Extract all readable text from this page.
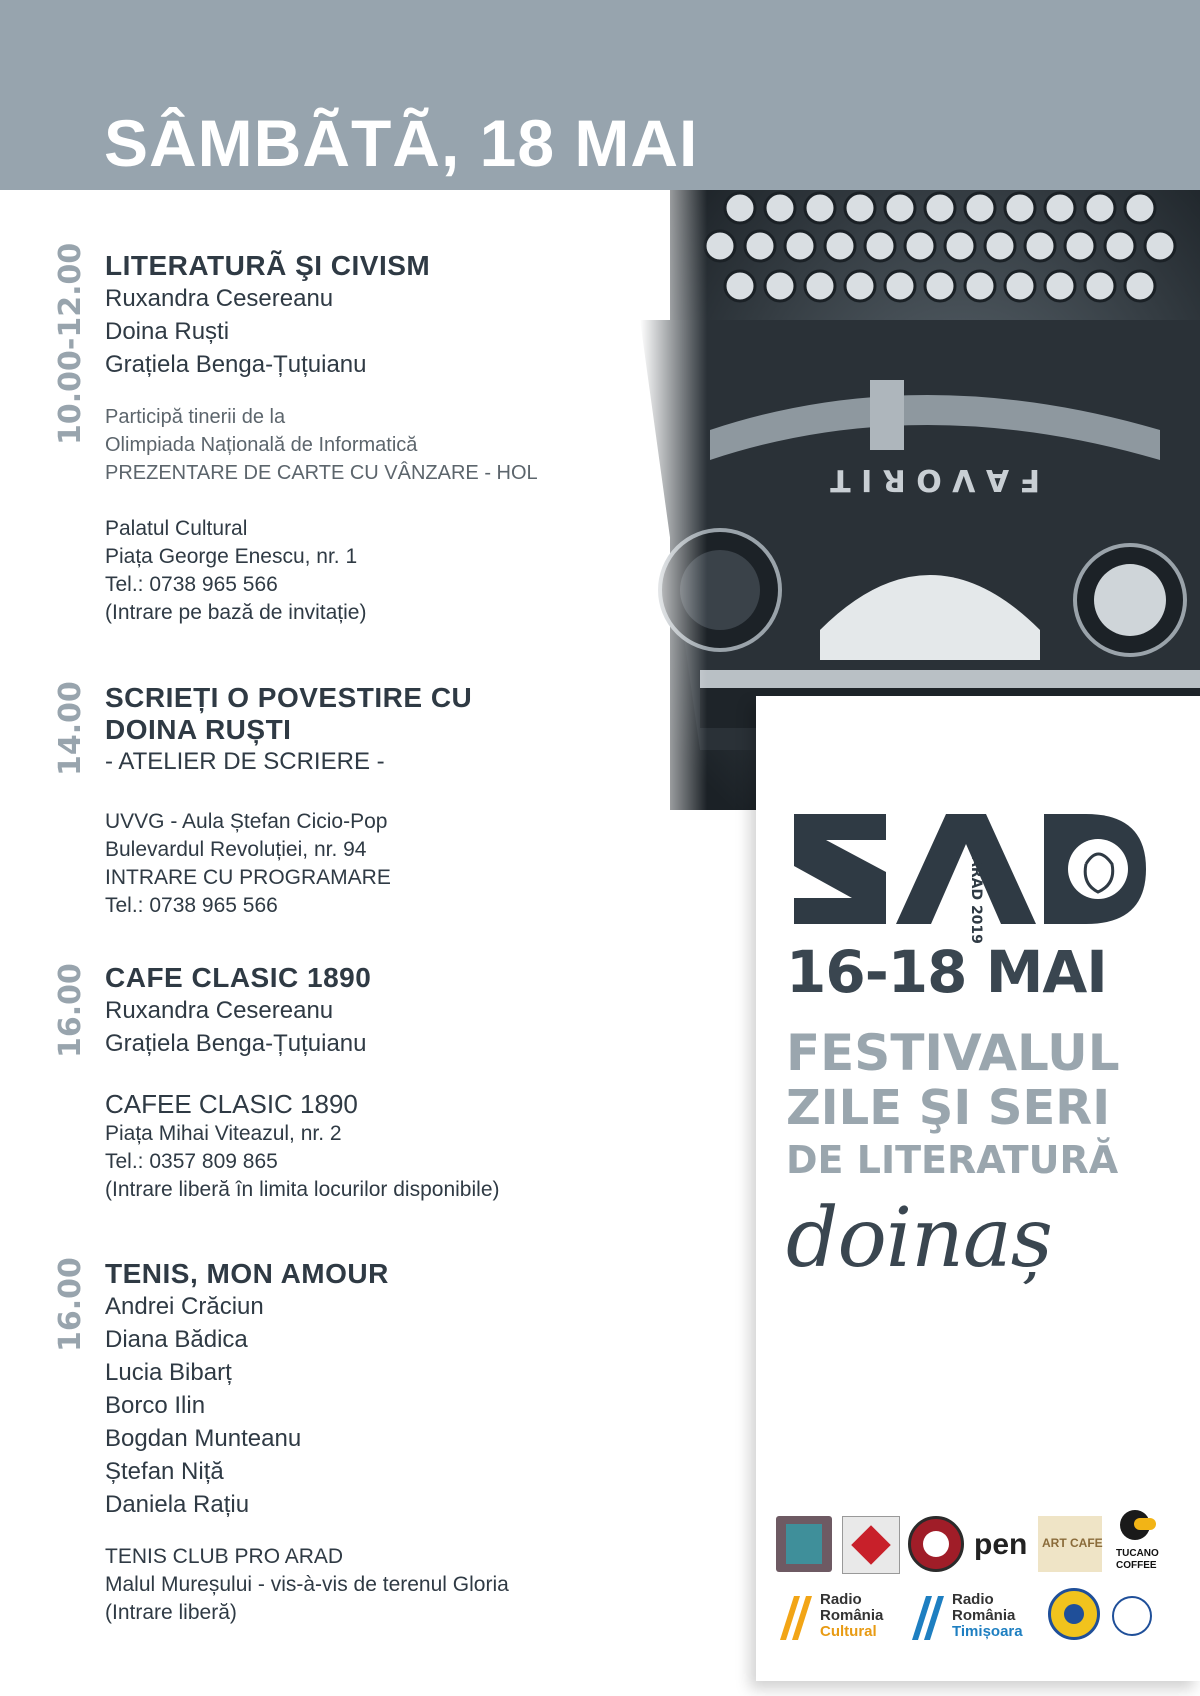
SÂMBÃTÃ, 18 MAI
10.00-12.00 LITERATURÃ ŞI CIVISM
Ruxandra Cesereanu
Doina Ruști
Grațiela Benga-Țuțuianu
Participă tinerii de la
Olimpiada Națională de Informatică
PREZENTARE DE CARTE CU VÂNZARE - HOL
Palatul Cultural
Piața George Enescu, nr. 1
Tel.: 0738 965 566
(Intrare pe bază de invitație)
14.00 SCRIEȚI O POVESTIRE CU
DOINA RUȘTI
- ATELIER DE SCRIERE -
UVVG - Aula Ștefan Cicio-Pop
Bulevardul Revoluției, nr. 94
INTRARE CU PROGRAMARE
Tel.: 0738 965 566
16.00 CAFE CLASIC 1890
Ruxandra Cesereanu
Grațiela Benga-Țuțuianu
CAFEE CLASIC 1890
Piața Mihai Viteazul, nr. 2
Tel.: 0357 809 865
(Intrare liberă în limita locurilor disponibile)
16.00 TENIS, MON AMOUR
Andrei Crăciun
Diana Bădica
Lucia Bibarț
Borco Ilin
Bogdan Munteanu
Ștefan Niță
Daniela Rațiu
TENIS CLUB PRO ARAD
Malul Mureșului - vis-à-vis de terenul Gloria
(Intrare liberă)
ARAD 2019
16-18 MAI
FESTIVALUL
ZILE ŞI SERI
DE LITERATURĂ
doinaș
pen ART CAFE
TUCANO
COFFEE
Radio
România
Cultural
Radio
România
Timișoara
